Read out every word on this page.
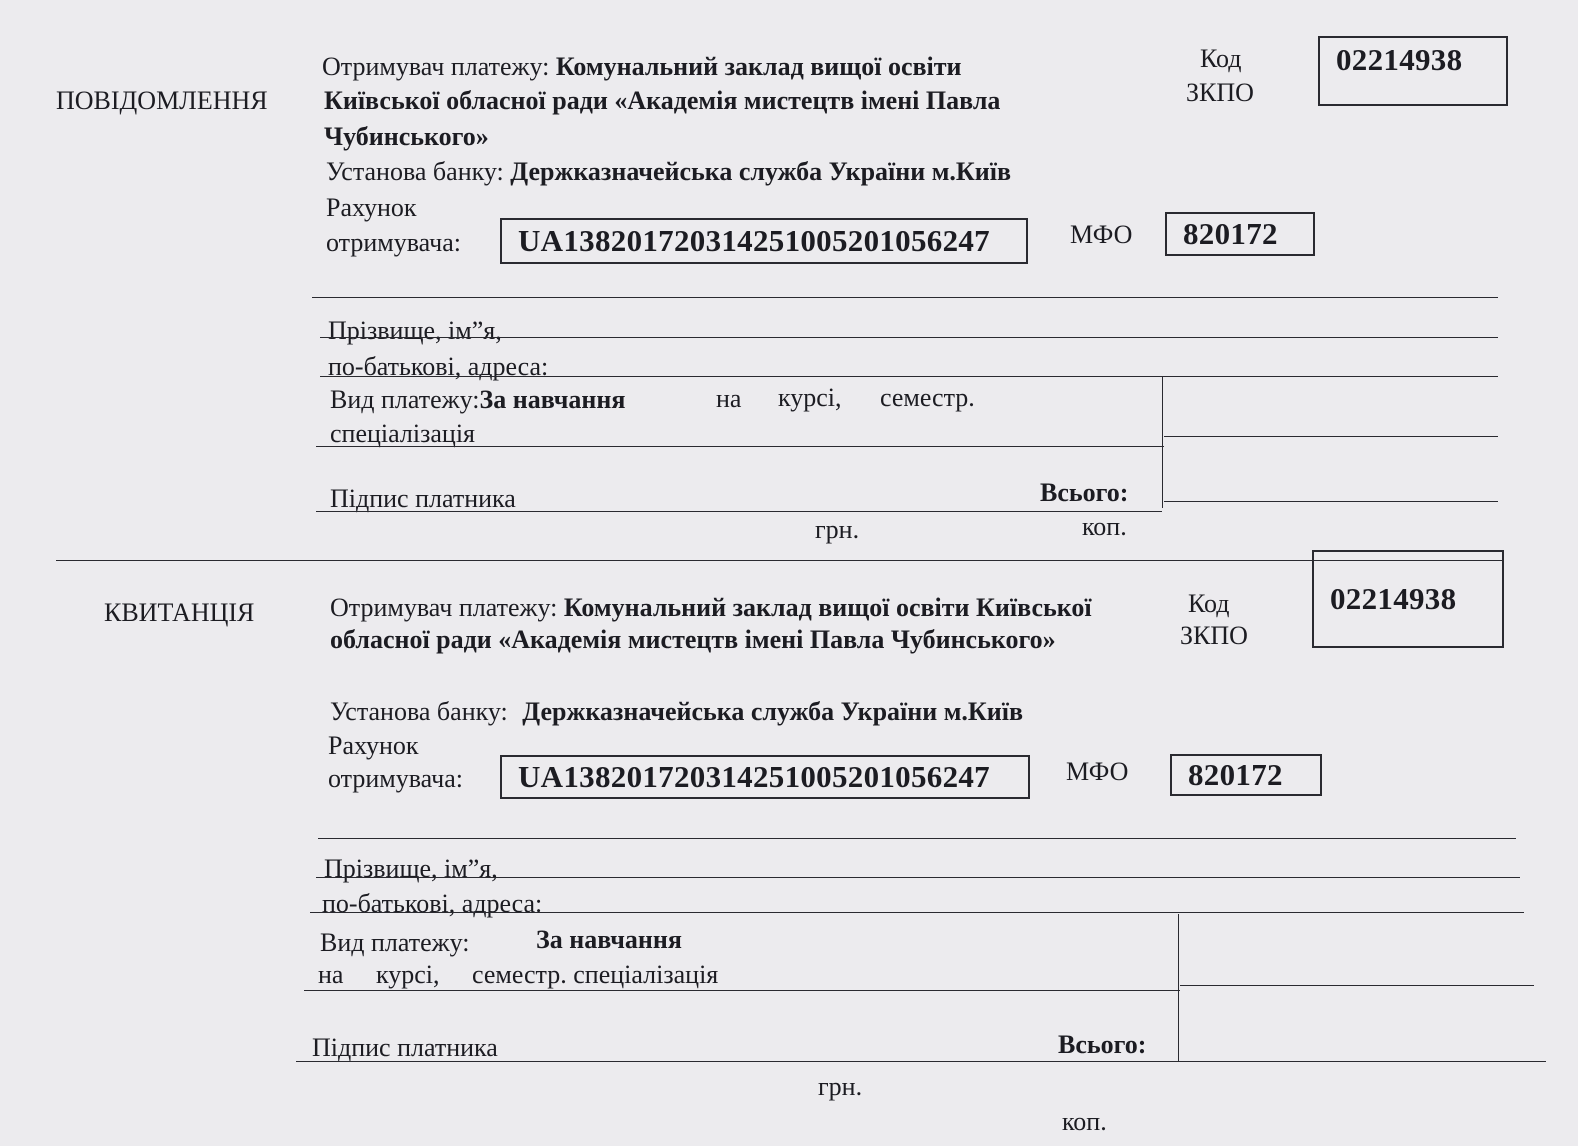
ПОВІДОМЛЕННЯ
Отримувач платежу: Комунальний заклад вищої освіти
Київської обласної ради «Академія мистецтв імені Павла
Чубинського»
Код
ЗКПО
02214938
Установа банку: Держказначейська служба України м.Київ
Рахунок
отримувача:	UA138201720314251005201056247	МФО	820172
Прізвище, ім”я,
по-батькові, адреса:
Вид платежу:За навчання	на курсі, семестр.
спеціалізація
Підпис платника	Всього:
грн.	коп.
КВИТАНЦІЯ	Отримувач платежу: Комунальний заклад вищої освіти Київської
обласної ради «Академія мистецтв імені Павла Чубинського»
Код
ЗКПО
02214938
Установа банку: Держказначейська служба України м.Київ
Рахунок
отримувача:	UA138201720314251005201056247	МФО	820172
Прізвище, ім”я,
по-батькові, адреса:
Вид платежу:	За навчання
на     курсі,     семестр. спеціалізація
Підпис платника	Всього:
грн.
коп.
